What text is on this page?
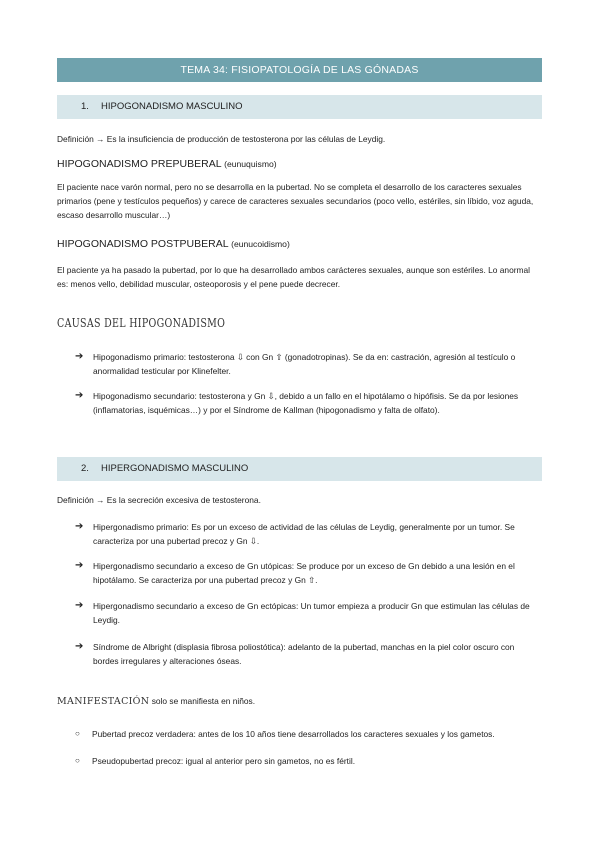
TEMA 34: FISIOPATOLOGÍA DE LAS GÓNADAS
1. HIPOGONADISMO MASCULINO
Definición → Es la insuficiencia de producción de testosterona por las células de Leydig.
HIPOGONADISMO PREPUBERAL (eunuquismo)
El paciente nace varón normal, pero no se desarrolla en la pubertad. No se completa el desarrollo de los caracteres sexuales primarios (pene y testículos pequeños) y carece de caracteres sexuales secundarios (poco vello, estériles, sin líbido, voz aguda, escaso desarrollo muscular…)
HIPOGONADISMO POSTPUBERAL (eunucoidismo)
El paciente ya ha pasado la pubertad, por lo que ha desarrollado ambos carácteres sexuales, aunque son estériles. Lo anormal es: menos vello, debilidad muscular, osteoporosis y el pene puede decrecer.
CAUSAS DEL HIPOGONADISMO
➔	Hipogonadismo primario: testosterona ⇩ con Gn ⇧ (gonadotropinas). Se da en: castración, agresión al testículo o anormalidad testicular por Klinefelter.
➔	Hipogonadismo secundario: testosterona y Gn ⇩, debido a un fallo en el hipotálamo o hipófisis. Se da por lesiones (inflamatorias, isquémicas…) y por el Síndrome de Kallman (hipogonadismo y falta de olfato).
2. HIPERGONADISMO MASCULINO
Definición → Es la secreción excesiva de testosterona.
➔	Hipergonadismo primario: Es por un exceso de actividad de las células de Leydig, generalmente por un tumor. Se caracteriza por una pubertad precoz y Gn ⇩.
➔	Hipergonadismo secundario a exceso de Gn utópicas: Se produce por un exceso de Gn debido a una lesión en el hipotálamo. Se caracteriza por una pubertad precoz y Gn ⇧.
➔	Hipergonadismo secundario a exceso de Gn ectópicas: Un tumor empieza a producir Gn que estimulan las células de Leydig.
➔	Síndrome de Albright (displasia fibrosa poliostótica): adelanto de la pubertad, manchas en la piel color oscuro con bordes irregulares y alteraciones óseas.
MANIFESTACIÓN solo se manifiesta en niños.
○	Pubertad precoz verdadera: antes de los 10 años tiene desarrollados los caracteres sexuales y los gametos.
○	Pseudopubertad precoz: igual al anterior pero sin gametos, no es fértil.
